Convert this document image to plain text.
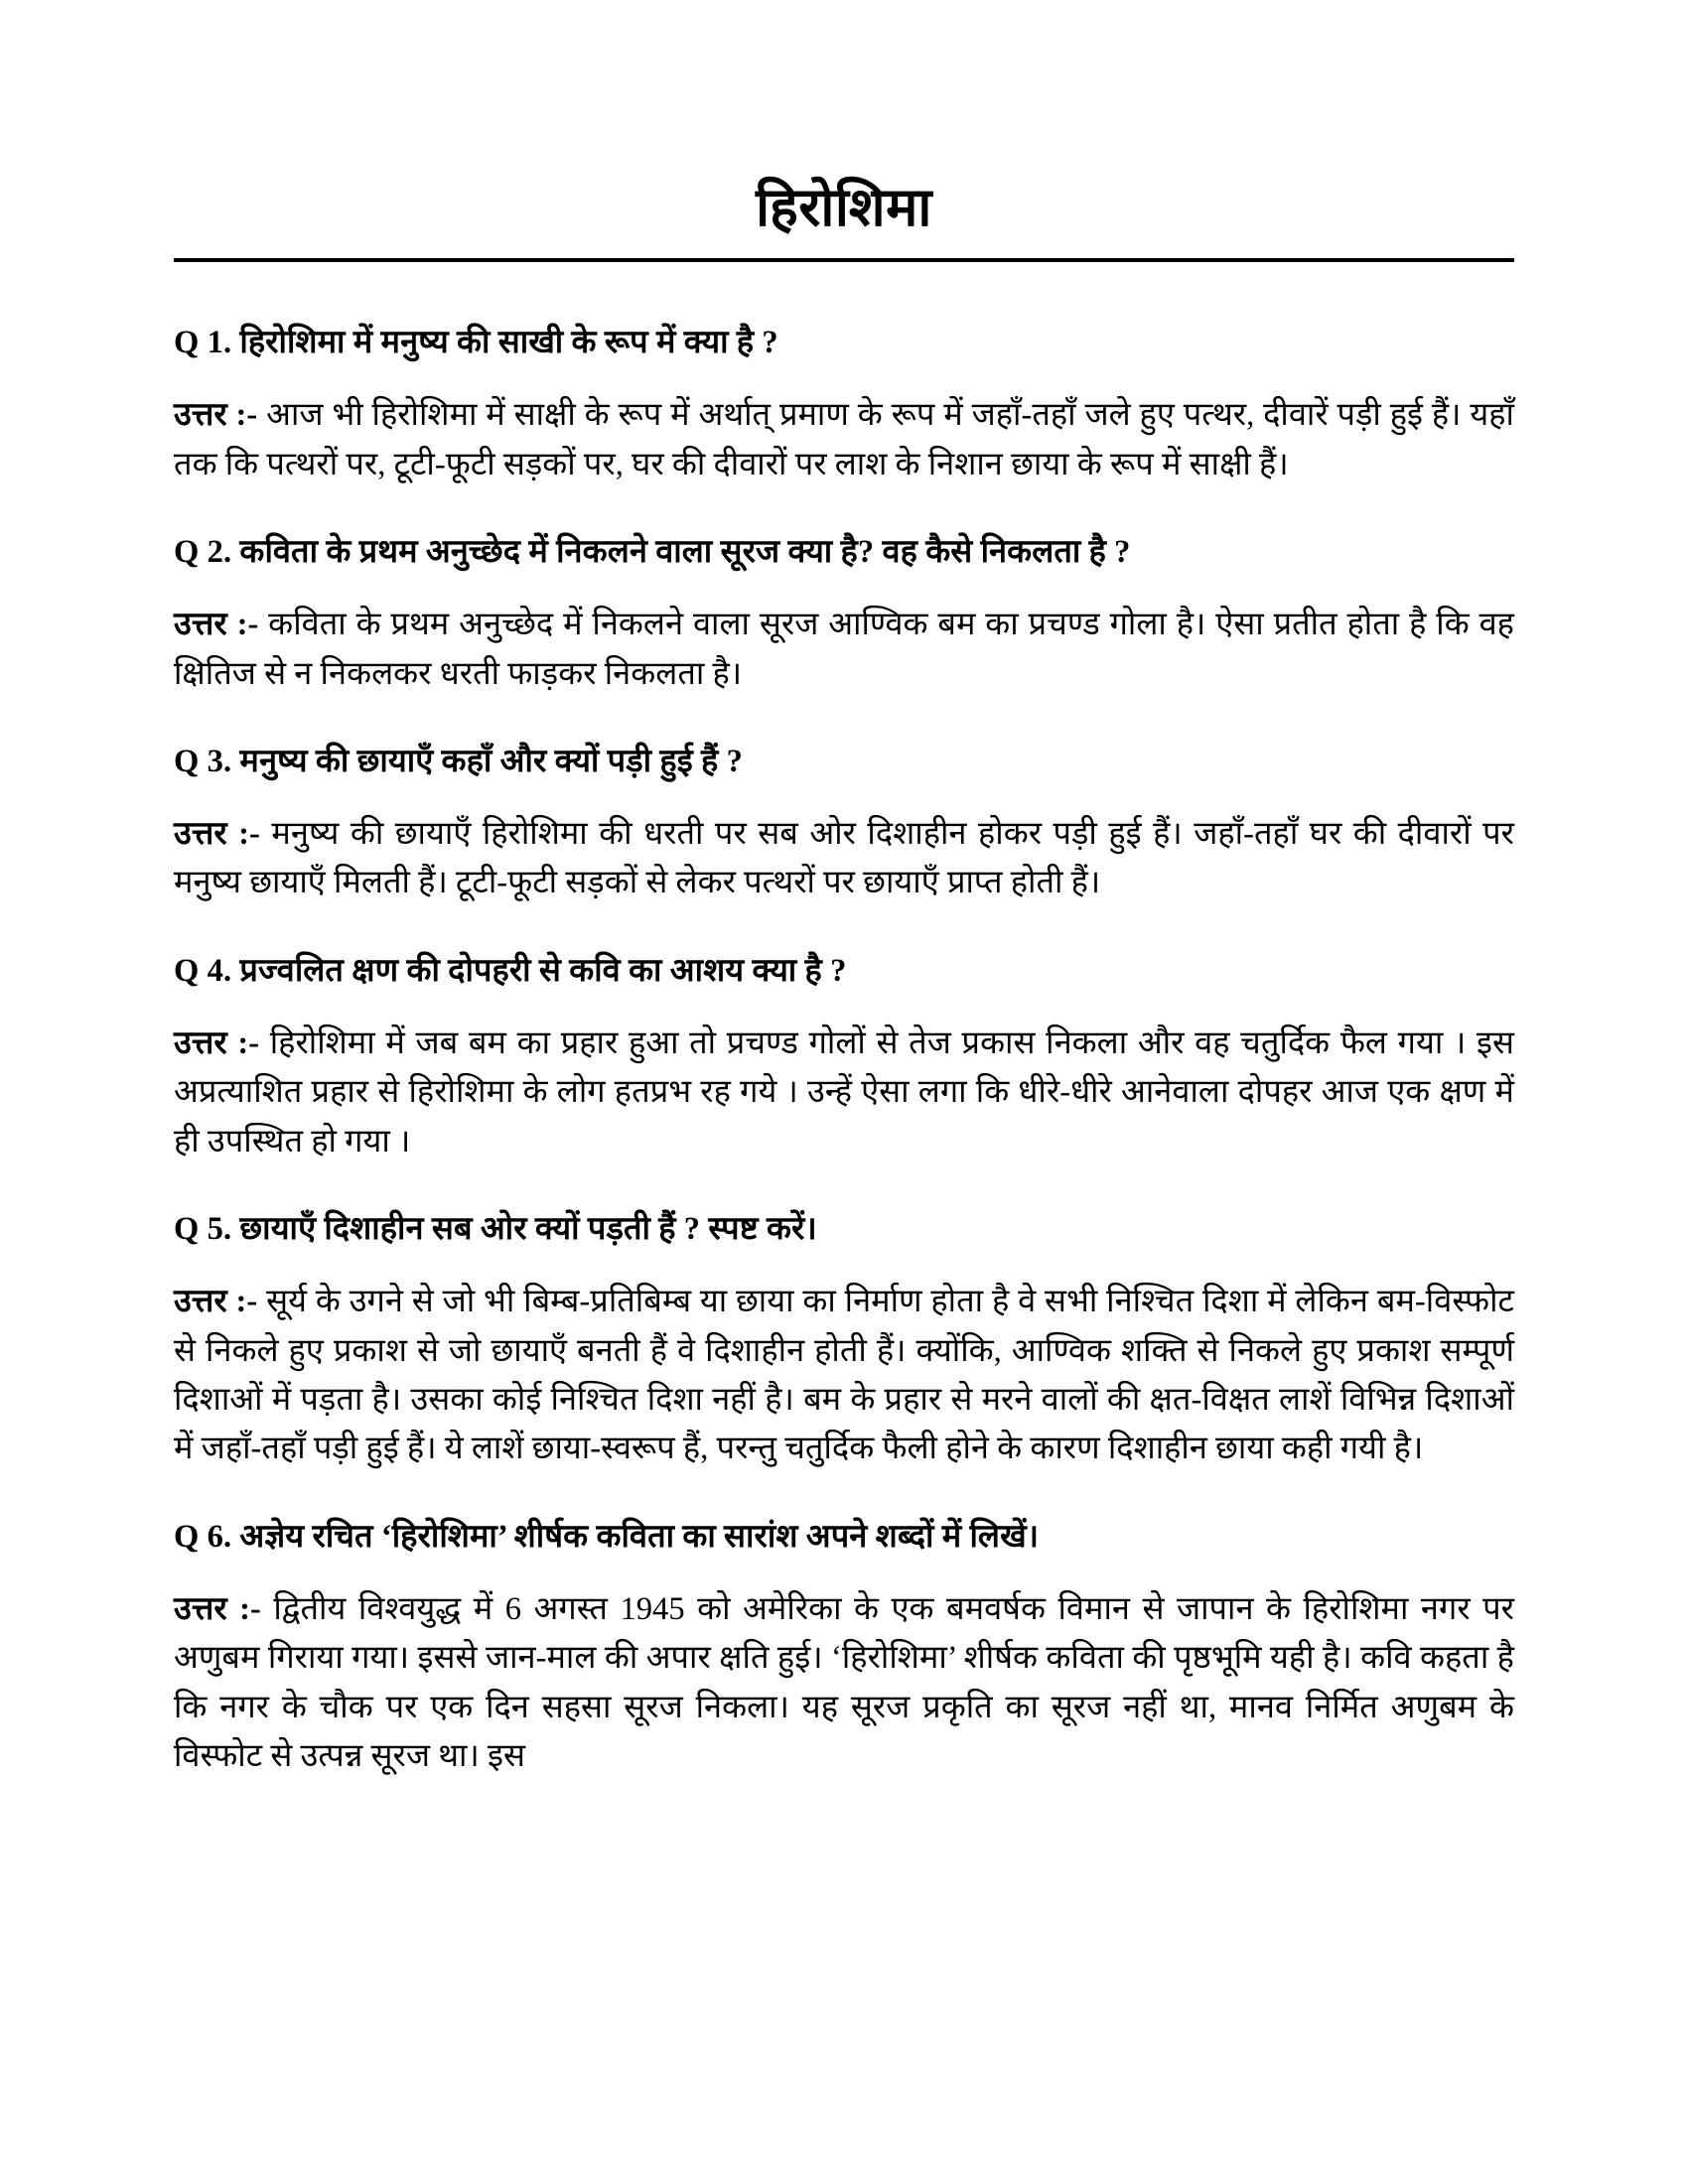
हिरोशिमा

Q 1. हिरोशिमा में मनुष्य की साखी के रूप में क्या है ?

उत्तर :- आज भी हिरोशिमा में साक्षी के रूप में अर्थात् प्रमाण के रूप में जहाँ-तहाँ जले हुए पत्थर, दीवारें पड़ी हुई हैं। यहाँ तक कि पत्थरों पर, टूटी-फूटी सड़कों पर, घर की दीवारों पर लाश के निशान छाया के रूप में साक्षी हैं।

Q 2. कविता के प्रथम अनुच्छेद में निकलने वाला सूरज क्या है? वह कैसे निकलता है ?

उत्तर :- कविता के प्रथम अनुच्छेद में निकलने वाला सूरज आण्विक बम का प्रचण्ड गोला है। ऐसा प्रतीत होता है कि वह क्षितिज से न निकलकर धरती फाड़कर निकलता है।

Q 3. मनुष्य की छायाएँ कहाँ और क्यों पड़ी हुई हैं ?

उत्तर :- मनुष्य की छायाएँ हिरोशिमा की धरती पर सब ओर दिशाहीन होकर पड़ी हुई हैं। जहाँ-तहाँ घर की दीवारों पर मनुष्य छायाएँ मिलती हैं। टूटी-फूटी सड़कों से लेकर पत्थरों पर छायाएँ प्राप्त होती हैं।

Q 4. प्रज्वलित क्षण की दोपहरी से कवि का आशय क्या है ?

उत्तर :- हिरोशिमा में जब बम का प्रहार हुआ तो प्रचण्ड गोलों से तेज प्रकास निकला और वह चतुर्दिक फैल गया । इस अप्रत्याशित प्रहार से हिरोशिमा के लोग हतप्रभ रह गये । उन्हें ऐसा लगा कि धीरे-धीरे आनेवाला दोपहर आज एक क्षण में ही उपस्थित हो गया ।

Q 5. छायाएँ दिशाहीन सब ओर क्यों पड़ती हैं ? स्पष्ट करें।

उत्तर :- सूर्य के उगने से जो भी बिम्ब-प्रतिबिम्ब या छाया का निर्माण होता है वे सभी निश्चित दिशा में लेकिन बम-विस्फोट से निकले हुए प्रकाश से जो छायाएँ बनती हैं वे दिशाहीन होती हैं। क्योंकि, आण्विक शक्ति से निकले हुए प्रकाश सम्पूर्ण दिशाओं में पड़ता है। उसका कोई निश्चित दिशा नहीं है। बम के प्रहार से मरने वालों की क्षत-विक्षत लाशें विभिन्न दिशाओं में जहाँ-तहाँ पड़ी हुई हैं। ये लाशें छाया-स्वरूप हैं, परन्तु चतुर्दिक फैली होने के कारण दिशाहीन छाया कही गयी है।

Q 6. अज्ञेय रचित ‘हिरोशिमा’ शीर्षक कविता का सारांश अपने शब्दों में लिखें।

उत्तर :- द्वितीय विश्वयुद्ध में 6 अगस्त 1945 को अमेरिका के एक बमवर्षक विमान से जापान के हिरोशिमा नगर पर अणुबम गिराया गया। इससे जान-माल की अपार क्षति हुई। ‘हिरोशिमा’ शीर्षक कविता की पृष्ठभूमि यही है। कवि कहता है कि नगर के चौक पर एक दिन सहसा सूरज निकला। यह सूरज प्रकृति का सूरज नहीं था, मानव निर्मित अणुबम के विस्फोट से उत्पन्न सूरज था। इस
